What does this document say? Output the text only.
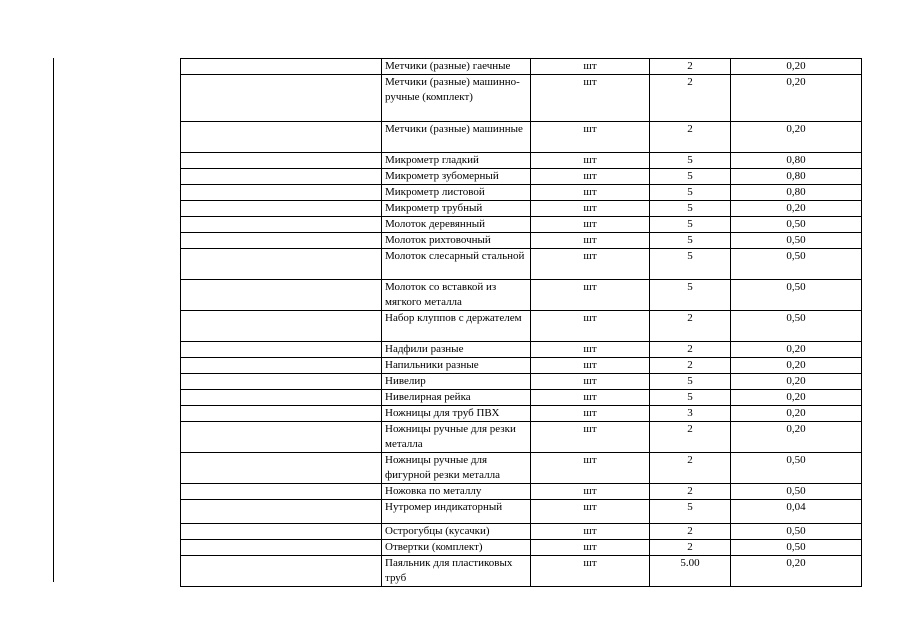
	Метчики (разные) гаечные	шт	2	0,20
	Метчики (разные) машинно-ручные (комплект)	шт	2	0,20
	Метчики (разные) машинные	шт	2	0,20
	Микрометр гладкий	шт	5	0,80
	Микрометр зубомерный	шт	5	0,80
	Микрометр листовой	шт	5	0,80
	Микрометр трубный	шт	5	0,20
	Молоток деревянный	шт	5	0,50
	Молоток рихтовочный	шт	5	0,50
	Молоток слесарный стальной	шт	5	0,50
	Молоток со вставкой из мягкого металла	шт	5	0,50
	Набор клуппов с держателем	шт	2	0,50
	Надфили разные	шт	2	0,20
	Напильники разные	шт	2	0,20
	Нивелир	шт	5	0,20
	Нивелирная рейка	шт	5	0,20
	Ножницы для труб ПВХ	шт	3	0,20
	Ножницы ручные для резки металла	шт	2	0,20
	Ножницы ручные для фигурной резки металла	шт	2	0,50
	Ножовка по металлу	шт	2	0,50
	Нутромер индикаторный	шт	5	0,04
	Острогубцы (кусачки)	шт	2	0,50
	Отвертки (комплект)	шт	2	0,50
	Паяльник для пластиковых труб	шт	5.00	0,20
